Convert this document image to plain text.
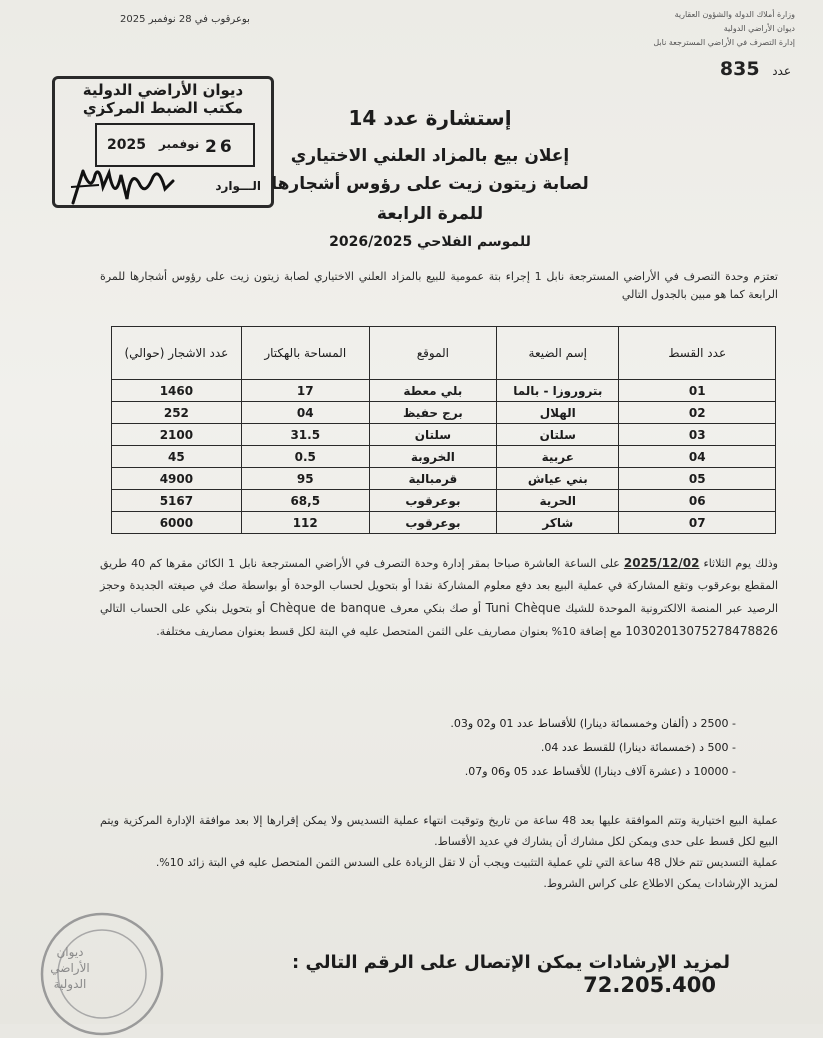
بوعرقوب في 28 نوفمبر 2025	وزارة أملاك الدولة والشؤون العقارية
ديوان الأراضي الدولية
إدارة التصرف في الأراضي المسترجعة نابل
835 عدد
ديوان الأراضي الدولية
مكتب الضبط المركزي
2025 نوفمبر 26
الـــوارد
إستشارة عدد 14
إعلان بيع بالمزاد العلني الاختياري
لصابة زيتون زيت على رؤوس أشجارها
للمرة الرابعة
للموسم الفلاحي 2026/2025
تعتزم وحدة التصرف في الأراضي المسترجعة نابل 1 إجراء بتة عمومية للبيع بالمزاد العلني الاختياري لصابة زيتون زيت على رؤوس أشجارها للمرة الرابعة كما هو مبين بالجدول التالي
عدد القسط	إسم الضيعة	الموقع	المساحة بالهكتار	عدد الاشجار (حوالي)
01	بتروروزا - بالما	بلي معطة	17	1460
02	الهلال	برج حفيظ	04	252
03	سلتان	سلتان	31.5	2100
04	عربية	الخروبة	0.5	45
05	بني عياش	قرمبالية	95	4900
06	الحرية	بوعرقوب	68,5	5167
07	شاكر	بوعرقوب	112	6000
وذلك يوم الثلاثاء 2025/12/02 على الساعة العاشرة صباحا بمقر إدارة وحدة التصرف في الأراضي المسترجعة نابل 1 الكائن مقرها كم 40 طريق المقطع بوعرقوب وتقع المشاركة في عملية البيع بعد دفع معلوم المشاركة نقدا أو بتحويل لحساب الوحدة أو بواسطة صك في صيغته الجديدة وحجز الرصيد عبر المنصة الالكترونية الموحدة للشيك Tuni Chèque أو صك بنكي معرف Chèque de banque أو بتحويل بنكي على الحساب التالي 10302013075278478826 مع إضافة 10% بعنوان مصاريف على الثمن المتحصل عليه في البتة لكل قسط بعنوان مصاريف مختلفة.
- 2500 د (ألفان وخمسمائة دينارا) للأقساط عدد 01 و02 و03.
- 500 د (خمسمائة دينارا) للقسط عدد 04.
- 10000 د (عشرة آلاف دينارا) للأقساط عدد 05 و06 و07.
عملية البيع اختيارية وتتم الموافقة عليها بعد 48 ساعة من تاريخ وتوقيت انتهاء عملية التسديس ولا يمكن إقرارها إلا بعد موافقة الإدارة المركزية ويتم البيع لكل قسط على حدى ويمكن لكل مشارك أن يشارك في عديد الأقساط.
عملية التسديس تتم خلال 48 ساعة التي تلي عملية التثبيت ويجب أن لا تقل الزيادة على السدس الثمن المتحصل عليه في البتة زائد 10%.
لمزيد الإرشادات يمكن الاطلاع على كراس الشروط.
ديوان الأراضي الدولية
لمزيد الإرشادات يمكن الإتصال على الرقم التالي : 72.205.400
